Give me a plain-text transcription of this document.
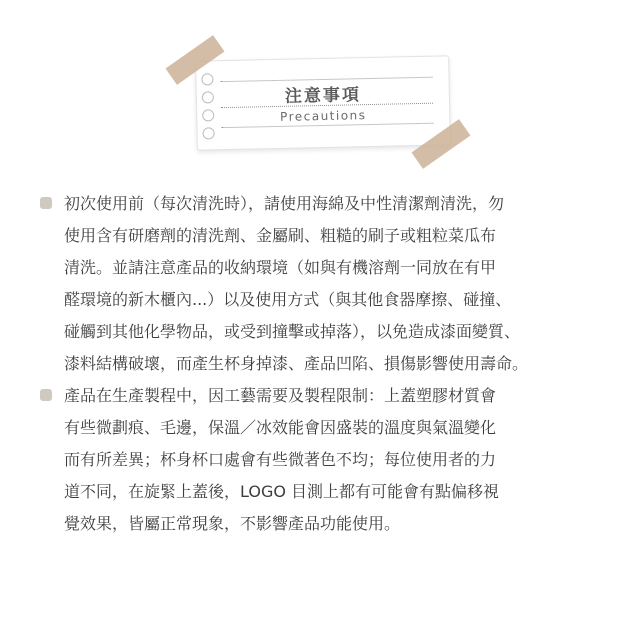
注意事項
Precautions
初次使用前（每次清洗時），請使用海綿及中性清潔劑清洗，勿
使用含有研磨劑的清洗劑、金屬刷、粗糙的刷子或粗粒菜瓜布
清洗。並請注意產品的收納環境（如與有機溶劑一同放在有甲
醛環境的新木櫃內...）以及使用方式（與其他食器摩擦、碰撞、
碰觸到其他化學物品，或受到撞擊或掉落），以免造成漆面變質、
漆料結構破壞，而產生杯身掉漆、產品凹陷、損傷影響使用壽命。
產品在生產製程中，因工藝需要及製程限制：上蓋塑膠材質會
有些微劃痕、毛邊，保溫／冰效能會因盛裝的溫度與氣溫變化
而有所差異；杯身杯口處會有些微著色不均；每位使用者的力
道不同，在旋緊上蓋後，LOGO 目測上都有可能會有點偏移視
覺效果，皆屬正常現象，不影響產品功能使用。
